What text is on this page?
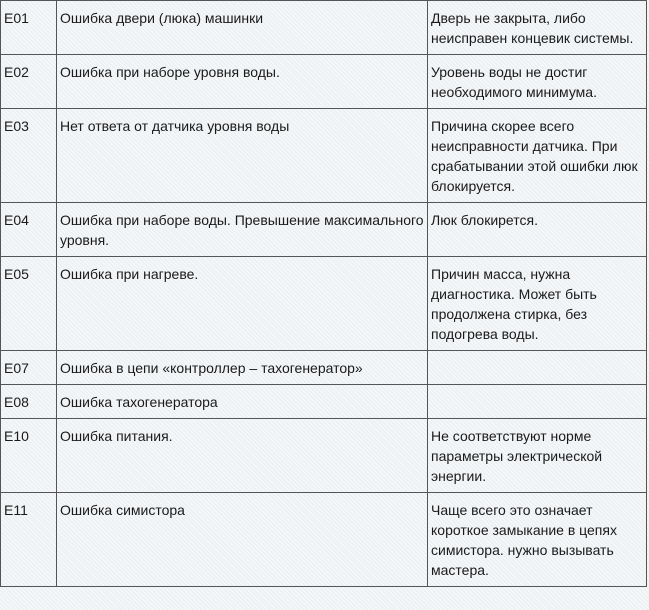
E01	Ошибка двери (люка) машинки	Дверь не закрыта, либо неисправен концевик системы.
E02	Ошибка при наборе уровня воды.	Уровень воды не достиг необходимого минимума.
E03	Нет ответа от датчика уровня воды	Причина скорее всего неисправности датчика. При срабатывании этой ошибки люк блокируется.
E04	Ошибка при наборе воды. Превышение максимального уровня.	Люк блокирется.
E05	Ошибка при нагреве.	Причин масса, нужна диагностика. Может быть продолжена стирка, без подогрева воды.
E07	Ошибка в цепи «контроллер – тахогенератор»	
E08	Ошибка тахогенератора	
E10	Ошибка питания.	Не соответствуют норме параметры электрической энергии.
E11	Ошибка симистора	Чаще всего это означает короткое замыкание в цепях симистора. нужно вызывать мастера.
